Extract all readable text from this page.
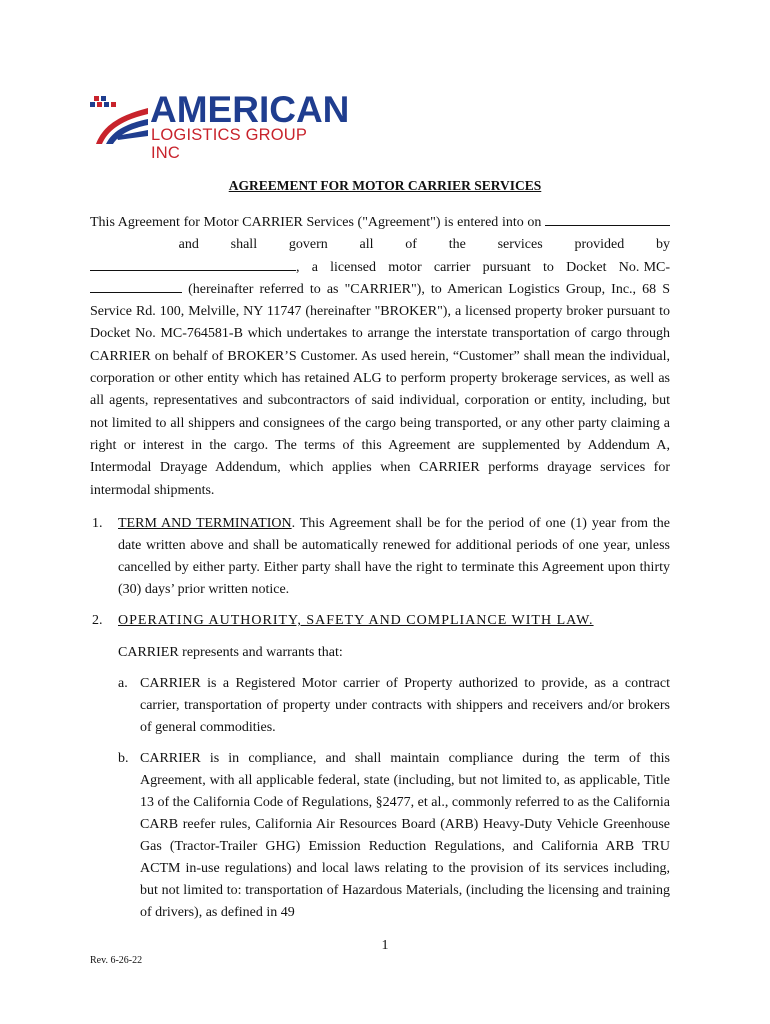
AMERICAN
LOGISTICS GROUP INC
AGREEMENT FOR MOTOR CARRIER SERVICES

This Agreement for Motor CARRIER Services ("Agreement") is entered into on        and shall govern all of the services provided by , a licensed motor carrier pursuant to Docket No. MC-  (hereinafter referred to as "CARRIER"), to American Logistics Group, Inc., 68 S Service Rd. 100, Melville, NY 11747 (hereinafter "BROKER"), a licensed property broker pursuant to Docket No. MC-764581-B which undertakes to arrange the interstate transportation of cargo through CARRIER on behalf of BROKER’S Customer. As used herein, “Customer” shall mean the individual, corporation or other entity which has retained ALG to perform property brokerage services, as well as all agents, representatives and subcontractors of said individual, corporation or entity, including, but not limited to all shippers and consignees of the cargo being transported, or any other party claiming a right or interest in the cargo. The terms of this Agreement are supplemented by Addendum A, Intermodal Drayage Addendum, which applies when CARRIER performs drayage services for intermodal shipments.

1. TERM AND TERMINATION. This Agreement shall be for the period of one (1) year from the date written above and shall be automatically renewed for additional periods of one year, unless cancelled by either party. Either party shall have the right to terminate this Agreement upon thirty (30) days’ prior written notice.
2. OPERATING AUTHORITY, SAFETY AND COMPLIANCE WITH LAW.
CARRIER represents and warrants that:
a. CARRIER is a Registered Motor carrier of Property authorized to provide, as a contract carrier, transportation of property under contracts with shippers and receivers and/or brokers of general commodities.
b. CARRIER is in compliance, and shall maintain compliance during the term of this Agreement, with all applicable federal, state (including, but not limited to, as applicable, Title 13 of the California Code of Regulations, §2477, et al., commonly referred to as the California CARB reefer rules, California Air Resources Board (ARB) Heavy-Duty Vehicle Greenhouse Gas (Tractor-Trailer GHG) Emission Reduction Regulations, and California ARB TRU ACTM in-use regulations) and local laws relating to the provision of its services including, but not limited to: transportation of Hazardous Materials, (including the licensing and training of drivers), as defined in 49
1
Rev. 6-26-22
